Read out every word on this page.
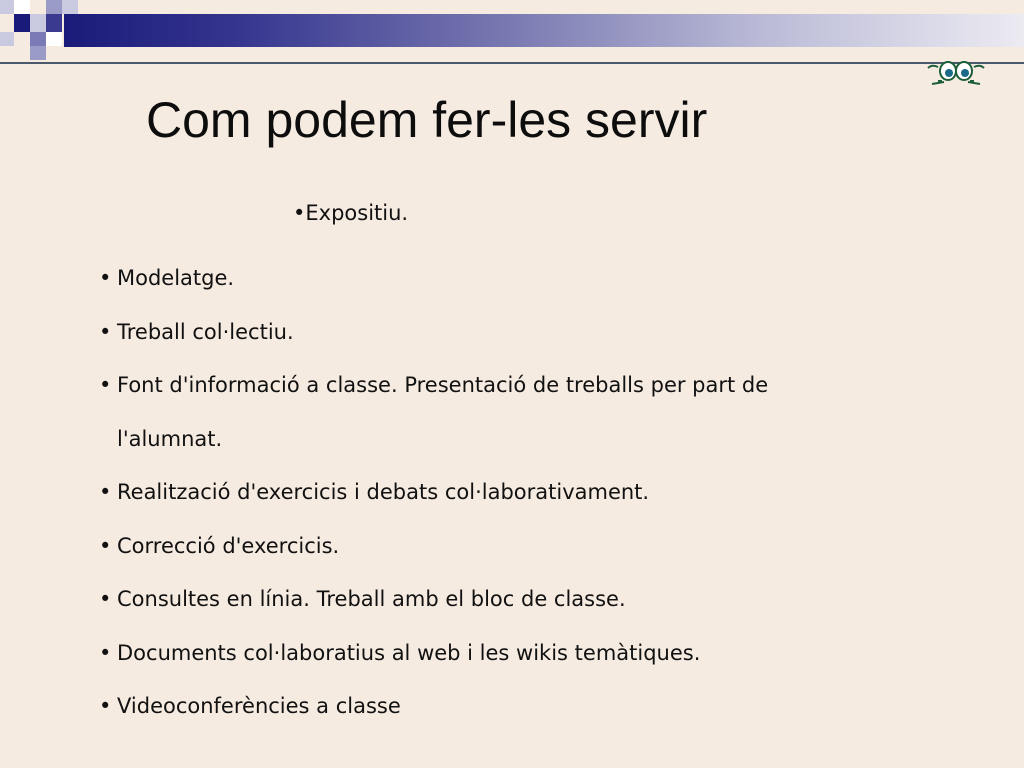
Com podem fer-les servir
•Expositiu.
• Modelatge.
• Treball col·lectiu.
• Font d'informació a classe. Presentació de treballs per part de l'alumnat.
• Realització d'exercicis i debats col·laborativament.
• Correcció d'exercicis.
• Consultes en línia. Treball amb el bloc de classe.
• Documents col·laboratius al web i les wikis temàtiques.
• Videoconferències a classe
